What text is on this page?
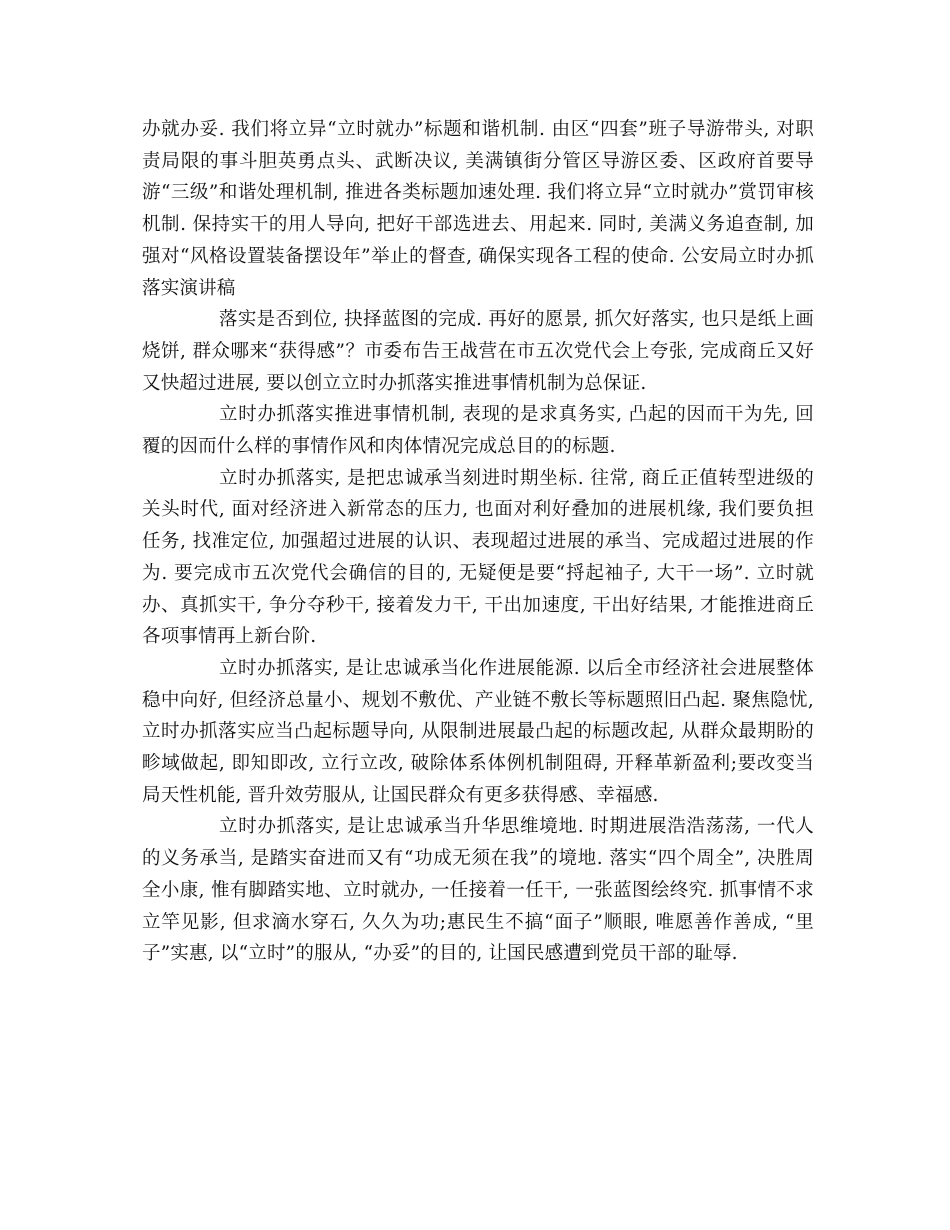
办就办妥. 我们将立异“立时就办”标题和谐机制. 由区“四套”班子导游带头, 对职责局限的事斗胆英勇点头、武断决议, 美满镇街分管区导游区委、区政府首要导游“三级”和谐处理机制, 推进各类标题加速处理. 我们将立异“立时就办”赏罚审核机制. 保持实干的用人导向, 把好干部选进去、用起来. 同时, 美满义务追查制, 加强对“风格设置装备摆设年”举止的督查, 确保实现各工程的使命. 公安局立时办抓落实演讲稿

落实是否到位, 抉择蓝图的完成. 再好的愿景, 抓欠好落实, 也只是纸上画烧饼, 群众哪来“获得感”？市委布告王战营在市五次党代会上夸张, 完成商丘又好又快超过进展, 要以创立立时办抓落实推进事情机制为总保证.

立时办抓落实推进事情机制, 表现的是求真务实, 凸起的因而干为先, 回覆的因而什么样的事情作风和肉体情况完成总目的的标题.

立时办抓落实, 是把忠诚承当刻进时期坐标. 往常, 商丘正值转型进级的关头时代, 面对经济进入新常态的压力, 也面对利好叠加的进展机缘, 我们要负担任务, 找准定位, 加强超过进展的认识、表现超过进展的承当、完成超过进展的作为. 要完成市五次党代会确信的目的, 无疑便是要“捋起袖子, 大干一场”. 立时就办、真抓实干, 争分夺秒干, 接着发力干, 干出加速度, 干出好结果, 才能推进商丘各项事情再上新台阶.

立时办抓落实, 是让忠诚承当化作进展能源. 以后全市经济社会进展整体稳中向好, 但经济总量小、规划不敷优、产业链不敷长等标题照旧凸起. 聚焦隐忧, 立时办抓落实应当凸起标题导向, 从限制进展最凸起的标题改起, 从群众最期盼的畛域做起, 即知即改, 立行立改, 破除体系体例机制阻碍, 开释革新盈利;要改变当局天性机能, 晋升效劳服从, 让国民群众有更多获得感、幸福感.

立时办抓落实, 是让忠诚承当升华思维境地. 时期进展浩浩荡荡, 一代人的义务承当, 是踏实奋进而又有“功成无须在我”的境地. 落实“四个周全”, 决胜周全小康, 惟有脚踏实地、立时就办, 一任接着一任干, 一张蓝图绘终究. 抓事情不求立竿见影, 但求滴水穿石, 久久为功;惠民生不搞“面子”顺眼, 唯愿善作善成, “里子”实惠, 以“立时”的服从, “办妥”的目的, 让国民感遭到党员干部的耻辱.
